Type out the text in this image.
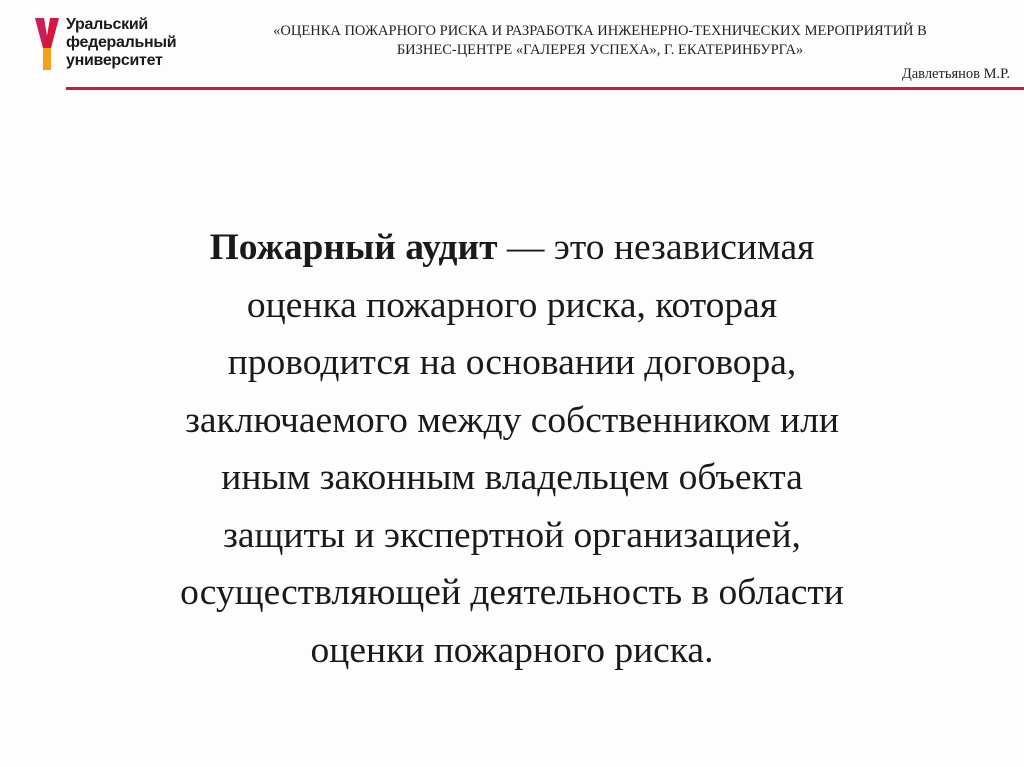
Уральский
федеральный
университет
«ОЦЕНКА ПОЖАРНОГО РИСКА И РАЗРАБОТКА ИНЖЕНЕРНО-ТЕХНИЧЕСКИХ МЕРОПРИЯТИЙ В
БИЗНЕС-ЦЕНТРЕ «ГАЛЕРЕЯ УСПЕХА», Г. ЕКАТЕРИНБУРГА»
Давлетьянов М.Р.
Пожарный аудит — это независимая
оценка пожарного риска, которая
проводится на основании договора,
заключаемого между собственником или
иным законным владельцем объекта
защиты и экспертной организацией,
осуществляющей деятельность в области
оценки пожарного риска.
